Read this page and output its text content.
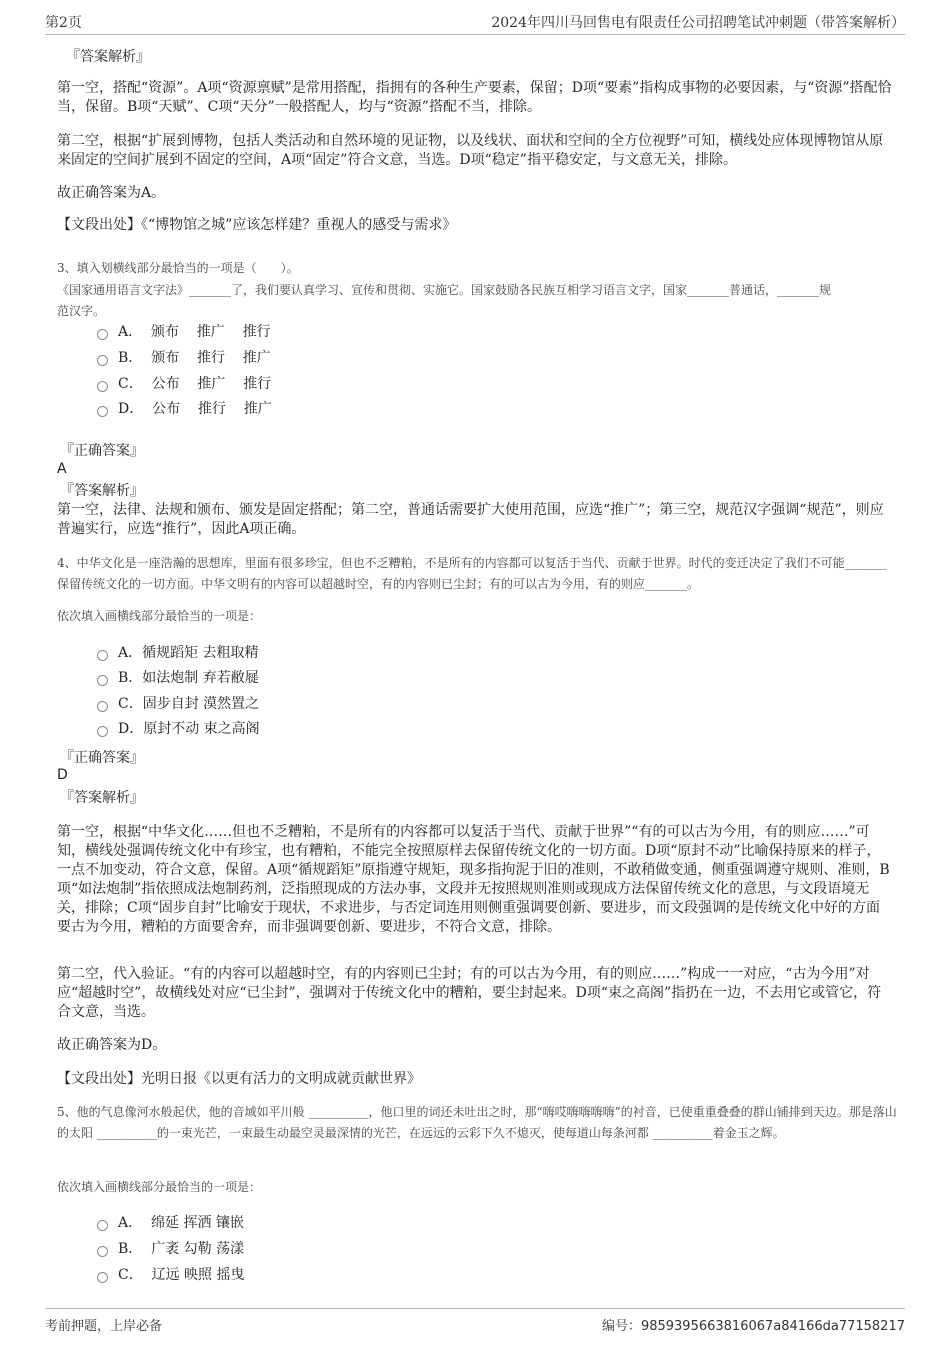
第2页	2024年四川马回售电有限责任公司招聘笔试冲刺题（带答案解析）
『答案解析』

第一空，搭配“资源”。A项“资源禀赋”是常用搭配，指拥有的各种生产要素，保留；D项“要素”指构成事物的必要因素，与“资源”搭配恰当，保留。B项“天赋”、C项“天分”一般搭配人，均与“资源”搭配不当，排除。

第二空，根据“扩展到博物，包括人类活动和自然环境的见证物，以及线状、面状和空间的全方位视野”可知，横线处应体现博物馆从原来固定的空间扩展到不固定的空间，A项“固定”符合文意，当选。D项“稳定”指平稳安定，与文意无关，排除。

故正确答案为A。

【文段出处】《“博物馆之城”应该怎样建？重视人的感受与需求》

3、填入划横线部分最恰当的一项是（　　）。

《国家通用语言文字法》_______了，我们要认真学习、宣传和贯彻、实施它。国家鼓励各民族互相学习语言文字，国家_______普通话，_______规范汉字。

A．  颁布    推广    推行
B．  颁布    推行    推广
C．  公布    推广    推行
D．  公布    推行    推广
『正确答案』
A
『答案解析』

第一空，法律、法规和颁布、颁发是固定搭配；第二空，普通话需要扩大使用范围，应选“推广”；第三空，规范汉字强调“规范”，则应普遍实行，应选“推行”，因此A项正确。

4、中华文化是一座浩瀚的思想库，里面有很多珍宝，但也不乏糟粕，不是所有的内容都可以复活于当代、贡献于世界。时代的变迁决定了我们不可能_______保留传统文化的一切方面。中华文明有的内容可以超越时空，有的内容则已尘封；有的可以古为今用，有的则应_______。

依次填入画横线部分最恰当的一项是：

A．循规蹈矩 去粗取精
B．如法炮制 弃若敝屣
C．固步自封 漠然置之
D．原封不动 束之高阁
『正确答案』
D
『答案解析』

第一空，根据“中华文化……但也不乏糟粕，不是所有的内容都可以复活于当代、贡献于世界”“有的可以古为今用，有的则应……”可知，横线处强调传统文化中有珍宝，也有糟粕，不能完全按照原样去保留传统文化的一切方面。D项“原封不动”比喻保持原来的样子，一点不加变动，符合文意，保留。A项“循规蹈矩”原指遵守规矩，现多指拘泥于旧的准则，不敢稍做变通，侧重强调遵守规则、准则，B项“如法炮制”指依照成法炮制药剂，泛指照现成的方法办事，文段并无按照规则准则或现成方法保留传统文化的意思，与文段语境无关，排除；C项“固步自封”比喻安于现状，不求进步，与否定词连用则侧重强调要创新、要进步，而文段强调的是传统文化中好的方面要古为今用，糟粕的方面要舍弃，而非强调要创新、要进步，不符合文意，排除。

第二空，代入验证。“有的内容可以超越时空，有的内容则已尘封；有的可以古为今用，有的则应……”构成一一对应，“古为今用”对应“超越时空”，故横线处对应“已尘封”，强调对于传统文化中的糟粕，要尘封起来。D项“束之高阁”指扔在一边，不去用它或管它，符合文意，当选。

故正确答案为D。

【文段出处】光明日报《以更有活力的文明成就贡献世界》

5、他的气息像河水般起伏，他的音域如平川般 __________，他口里的词还未吐出之时，那“嗨哎嗨嗨嗨嗨”的衬音，已使重重叠叠的群山铺排到天边。那是落山的太阳 __________的一束光芒，一束最生动最空灵最深情的光芒，在远远的云彩下久不熄灭，使每道山每条河都 __________着金玉之辉。

依次填入画横线部分最恰当的一项是：

A．  绵延 挥洒 镶嵌
B．  广袤 勾勒 荡漾
C．  辽远 映照 摇曳
考前押题，上岸必备	编号：9859395663816067a84166da77158217
